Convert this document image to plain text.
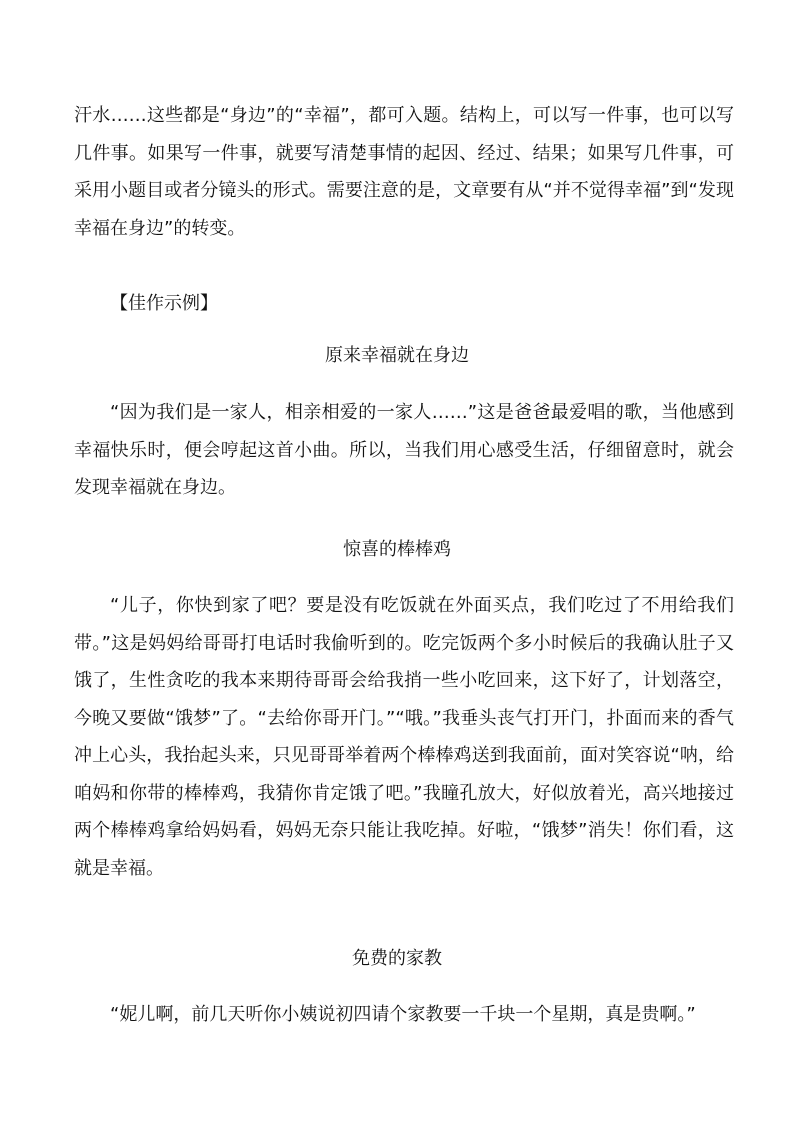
汗水……这些都是“身边”的“幸福”，都可入题。结构上，可以写一件事，也可以写几件事。如果写一件事，就要写清楚事情的起因、经过、结果；如果写几件事，可采用小题目或者分镜头的形式。需要注意的是，文章要有从“并不觉得幸福”到“发现幸福在身边”的转变。

【佳作示例】

原来幸福就在身边

“因为我们是一家人，相亲相爱的一家人……”这是爸爸最爱唱的歌，当他感到幸福快乐时，便会哼起这首小曲。所以，当我们用心感受生活，仔细留意时，就会发现幸福就在身边。

惊喜的棒棒鸡

“儿子，你快到家了吧？要是没有吃饭就在外面买点，我们吃过了不用给我们带。”这是妈妈给哥哥打电话时我偷听到的。吃完饭两个多小时候后的我确认肚子又饿了，生性贪吃的我本来期待哥哥会给我捎一些小吃回来，这下好了，计划落空，今晚又要做“饿梦”了。“去给你哥开门。”“哦。”我垂头丧气打开门，扑面而来的香气冲上心头，我抬起头来，只见哥哥举着两个棒棒鸡送到我面前，面对笑容说“呐，给咱妈和你带的棒棒鸡，我猜你肯定饿了吧。”我瞳孔放大，好似放着光，高兴地接过两个棒棒鸡拿给妈妈看，妈妈无奈只能让我吃掉。好啦，“饿梦”消失！你们看，这就是幸福。

免费的家教

“妮儿啊，前几天听你小姨说初四请个家教要一千块一个星期，真是贵啊。”
